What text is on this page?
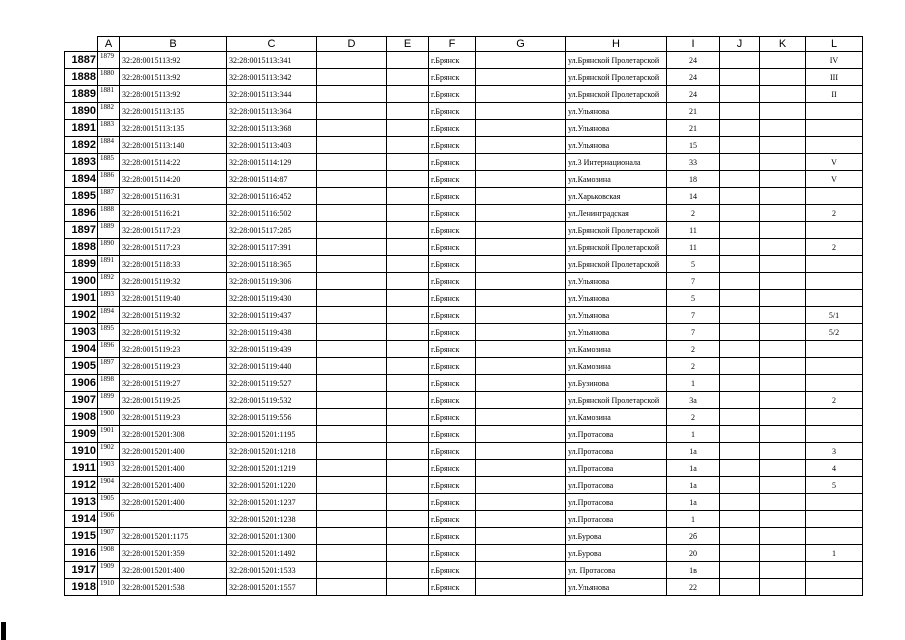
	A	B	C	D	E	F	G	H	I	J	K	L
1887	1879	32:28:0015113:92	32:28:0015113:341			г.Брянск		ул.Брянской Пролетарской	24			IV
1888	1880	32:28:0015113:92	32:28:0015113:342			г.Брянск		ул.Брянской Пролетарской	24			III
1889	1881	32:28:0015113:92	32:28:0015113:344			г.Брянск		ул.Брянской Пролетарской	24			II
1890	1882	32:28:0015113:135	32:28:0015113:364			г.Брянск		ул.Ульянова	21			
1891	1883	32:28:0015113:135	32:28:0015113:368			г.Брянск		ул.Ульянова	21			
1892	1884	32:28:0015113:140	32:28:0015113:403			г.Брянск		ул.Ульянова	15			
1893	1885	32:28:0015114:22	32:28:0015114:129			г.Брянск		ул.3 Интернационала	33			V
1894	1886	32:28:0015114:20	32:28:0015114:87			г.Брянск		ул.Камозина	18			V
1895	1887	32:28:0015116:31	32:28:0015116:452			г.Брянск		ул.Харьковская	14			
1896	1888	32:28:0015116:21	32:28:0015116:502			г.Брянск		ул.Ленинградская	2			2
1897	1889	32:28:0015117:23	32:28:0015117:285			г.Брянск		ул.Брянской Пролетарской	11			
1898	1890	32:28:0015117:23	32:28:0015117:391			г.Брянск		ул.Брянской Пролетарской	11			2
1899	1891	32:28:0015118:33	32:28:0015118:365			г.Брянск		ул.Брянской Пролетарской	5			
1900	1892	32:28:0015119:32	32:28:0015119:306			г.Брянск		ул.Ульянова	7			
1901	1893	32:28:0015119:40	32:28:0015119:430			г.Брянск		ул.Ульянова	5			
1902	1894	32:28:0015119:32	32:28:0015119:437			г.Брянск		ул.Ульянова	7			5/1
1903	1895	32:28:0015119:32	32:28:0015119:438			г.Брянск		ул.Ульянова	7			5/2
1904	1896	32:28:0015119:23	32:28:0015119:439			г.Брянск		ул.Камозина	2			
1905	1897	32:28:0015119:23	32:28:0015119:440			г.Брянск		ул.Камозина	2			
1906	1898	32:28:0015119:27	32:28:0015119:527			г.Брянск		ул.Бузинова	1			
1907	1899	32:28:0015119:25	32:28:0015119:532			г.Брянск		ул.Брянской Пролетарской	3а			2
1908	1900	32:28:0015119:23	32:28:0015119:556			г.Брянск		ул.Камозина	2			
1909	1901	32:28:0015201:308	32:28:0015201:1195			г.Брянск		ул.Протасова	1			
1910	1902	32:28:0015201:400	32:28:0015201:1218			г.Брянск		ул.Протасова	1а			3
1911	1903	32:28:0015201:400	32:28:0015201:1219			г.Брянск		ул.Протасова	1а			4
1912	1904	32:28:0015201:400	32:28:0015201:1220			г.Брянск		ул.Протасова	1а			5
1913	1905	32:28:0015201:400	32:28:0015201:1237			г.Брянск		ул.Протасова	1а			
1914	1906		32:28:0015201:1238			г.Брянск		ул.Протасова	1			
1915	1907	32:28:0015201:1175	32:28:0015201:1300			г.Брянск		ул.Бурова	2б			
1916	1908	32:28:0015201:359	32:28:0015201:1492			г.Брянск		ул.Бурова	20			1
1917	1909	32:28:0015201:400	32:28:0015201:1533			г.Брянск		ул. Протасова	1в			
1918	1910	32:28:0015201:538	32:28:0015201:1557			г.Брянск		ул.Ульянова	22			
